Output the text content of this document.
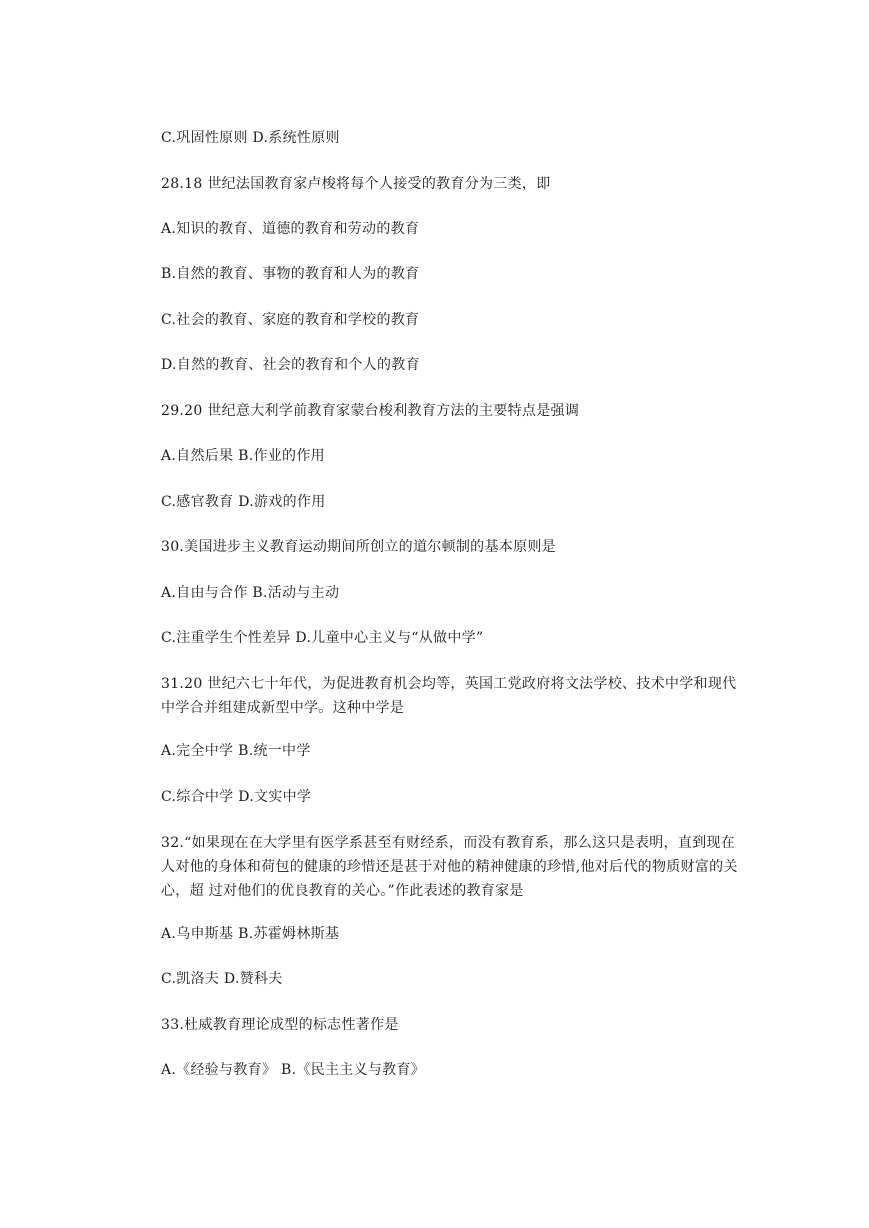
C.巩固性原则 D.系统性原则
28.18 世纪法国教育家卢梭将每个人接受的教育分为三类，即
A.知识的教育、道德的教育和劳动的教育
B.自然的教育、事物的教育和人为的教育
C.社会的教育、家庭的教育和学校的教育
D.自然的教育、社会的教育和个人的教育
29.20 世纪意大利学前教育家蒙台梭利教育方法的主要特点是强调
A.自然后果 B.作业的作用
C.感官教育 D.游戏的作用
30.美国进步主义教育运动期间所创立的道尔顿制的基本原则是
A.自由与合作 B.活动与主动
C.注重学生个性差异 D.儿童中心主义与“从做中学”
31.20 世纪六七十年代，为促进教育机会均等，英国工党政府将文法学校、技术中学和现代中学合并组建成新型中学。这种中学是
A.完全中学 B.统一中学
C.综合中学 D.文实中学
32.“如果现在在大学里有医学系甚至有财经系，而没有教育系，那么这只是表明，直到现在人对他的身体和荷包的健康的珍惜还是甚于对他的精神健康的珍惜,他对后代的物质财富的关心，超 过对他们的优良教育的关心。”作此表述的教育家是
A.乌申斯基 B.苏霍姆林斯基
C.凯洛夫 D.赞科夫
33.杜威教育理论成型的标志性著作是
A.《经验与教育》 B.《民主主义与教育》
